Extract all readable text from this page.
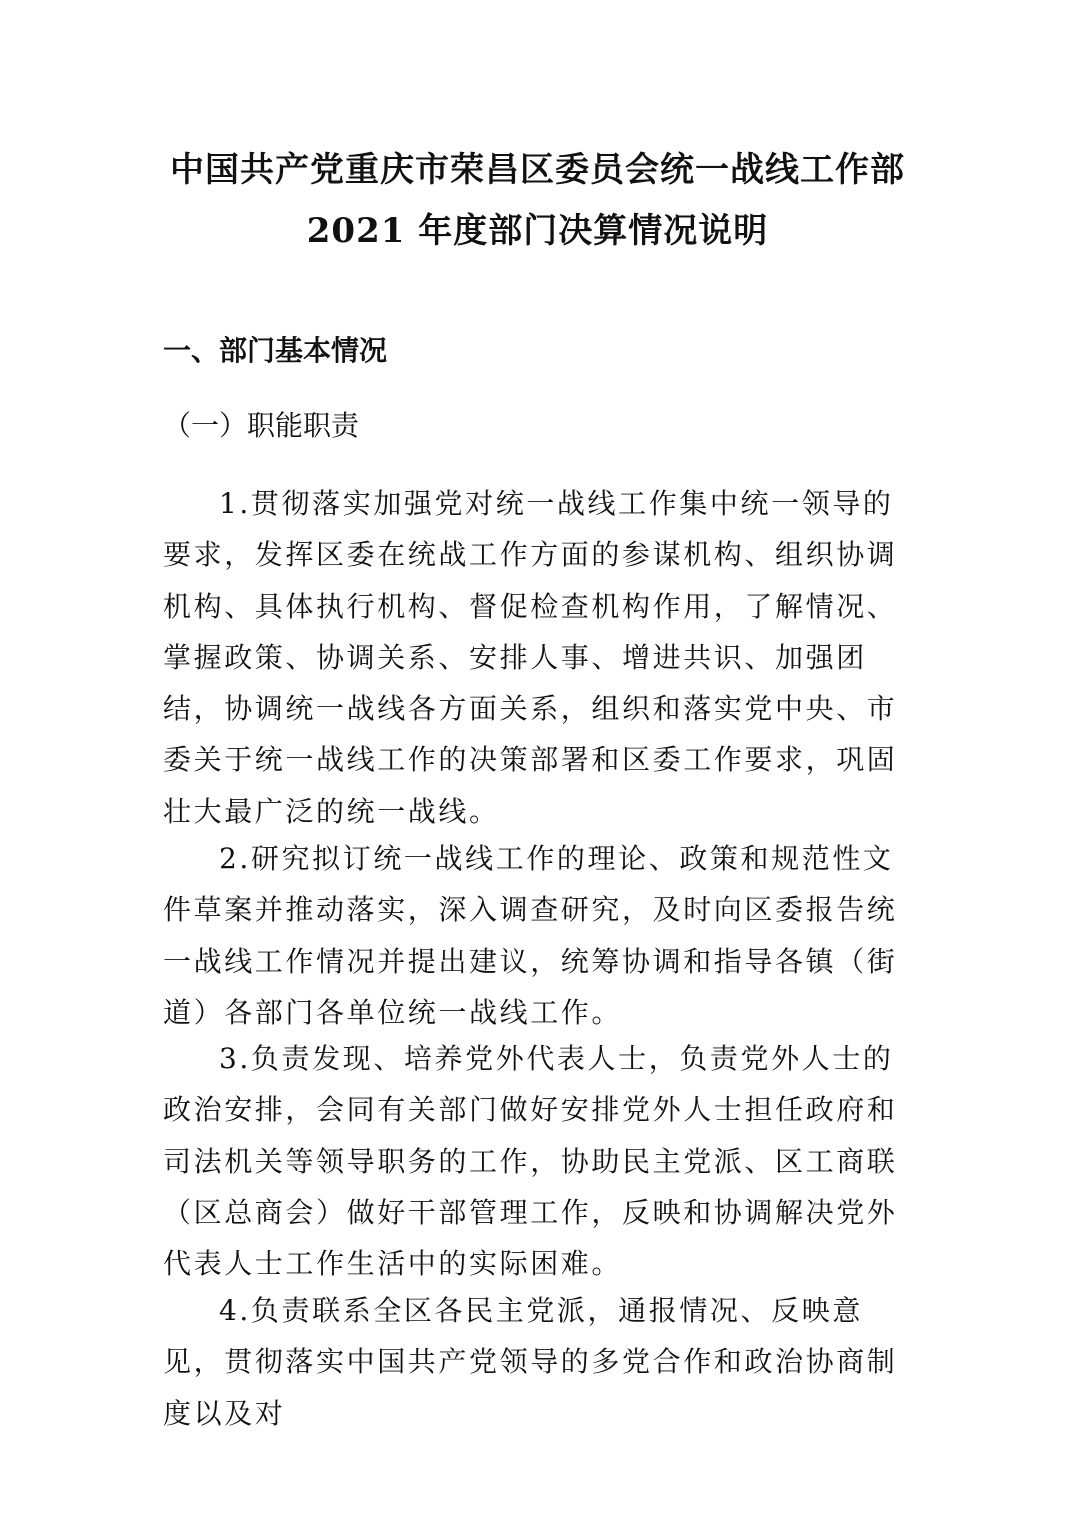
中国共产党重庆市荣昌区委员会统一战线工作部
2021 年度部门决算情况说明
一、部门基本情况
（一）职能职责

1.贯彻落实加强党对统一战线工作集中统一领导的要求，发挥区委在统战工作方面的参谋机构、组织协调机构、具体执行机构、督促检查机构作用，了解情况、掌握政策、协调关系、安排人事、增进共识、加强团结，协调统一战线各方面关系，组织和落实党中央、市委关于统一战线工作的决策部署和区委工作要求，巩固壮大最广泛的统一战线。

2.研究拟订统一战线工作的理论、政策和规范性文件草案并推动落实，深入调查研究，及时向区委报告统一战线工作情况并提出建议，统筹协调和指导各镇（街道）各部门各单位统一战线工作。

3.负责发现、培养党外代表人士，负责党外人士的政治安排，会同有关部门做好安排党外人士担任政府和司法机关等领导职务的工作，协助民主党派、区工商联（区总商会）做好干部管理工作，反映和协调解决党外代表人士工作生活中的实际困难。

4.负责联系全区各民主党派，通报情况、反映意见，贯彻落实中国共产党领导的多党合作和政治协商制度以及对
